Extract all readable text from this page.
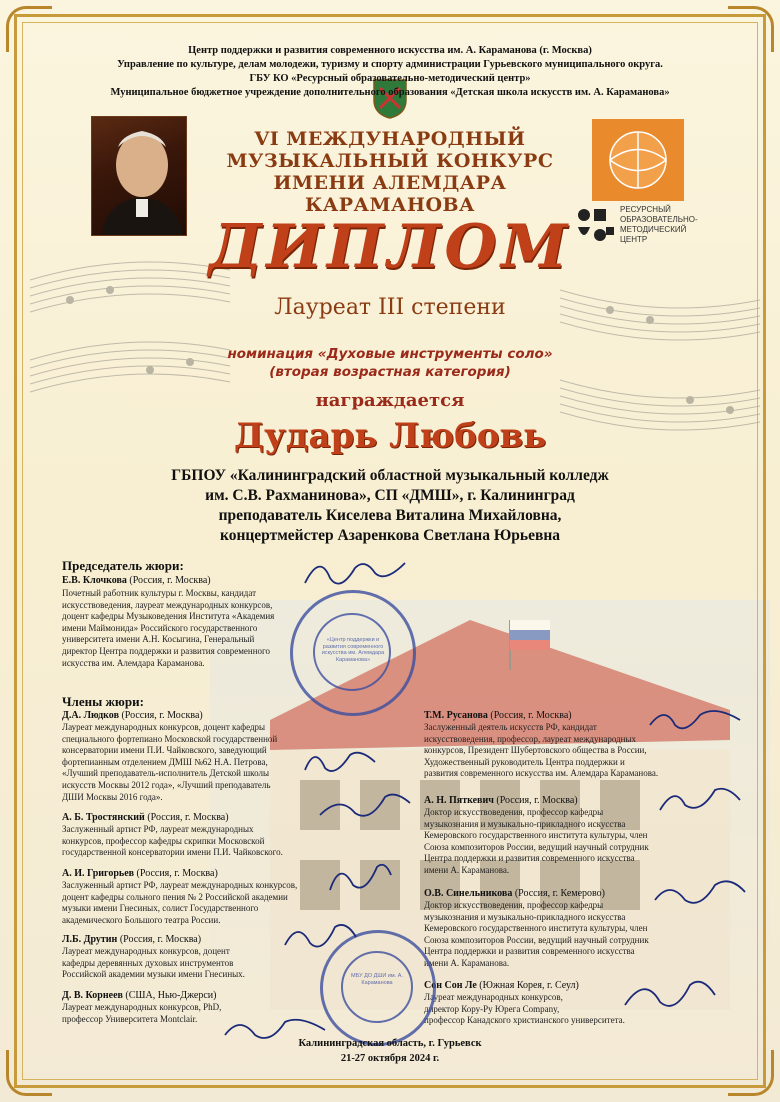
Центр поддержки и развития современного искусства им. А. Караманова (г. Москва)
Управление по культуре, делам молодежи, туризму и спорту администрации Гурьевского муниципального округа.
ГБУ КО «Ресурсный образовательно-методический центр»
Муниципальное бюджетное учреждение дополнительного образования «Детская школа искусств им. А. Караманова»
РЕСУРСНЫЙ
ОБРАЗОВАТЕЛЬНО-
МЕТОДИЧЕСКИЙ
ЦЕНТР
VI МЕЖДУНАРОДНЫЙ
МУЗЫКАЛЬНЫЙ КОНКУРС
ИМЕНИ АЛЕМДАРА КАРАМАНОВА
ДИПЛОМ
Лауреат III степени
номинация «Духовые инструменты соло»
(вторая возрастная категория)
награждается
Дударь Любовь
ГБПОУ «Калининградский областной музыкальный колледж
им. С.В. Рахманинова», СП «ДМШ», г. Калининград
преподаватель Киселева Виталина Михайловна,
концертмейстер Азаренкова Светлана Юрьевна
Председатель жюри:
Е.В. Клочкова (Россия, г. Москва)
Почетный работник культуры г. Москвы, кандидат
искусствоведения, лауреат международных конкурсов,
доцент кафедры Музыковедения Института «Академия
имени Маймонида» Российского государственного
университета имени А.Н. Косыгина, Генеральный
директор Центра поддержки и развития современного
искусства им. Алемдара Караманова.
Члены жюри:
Д.А. Людков (Россия, г. Москва)
Лауреат международных конкурсов, доцент кафедры
специального фортепиано Московской государственной
консерватории имени П.И. Чайковского, заведующий
фортепианным отделением ДМШ №62 Н.А. Петрова,
«Лучший преподаватель-исполнитель Детской школы
искусств Москвы 2012 года», «Лучший преподаватель
ДШИ Москвы 2016 года».
А. Б. Тростянский (Россия, г. Москва)
Заслуженный артист РФ, лауреат международных
конкурсов, профессор кафедры скрипки Московской
государственной консерватории имени П.И. Чайковского.
А. И. Григорьев (Россия, г. Москва)
Заслуженный артист РФ, лауреат международных конкурсов,
доцент кафедры сольного пения № 2 Российской академии
музыки имени Гнесиных, солист Государственного
академического Большого театра России.
Л.Б. Друтин (Россия, г. Москва)
Лауреат международных конкурсов, доцент
кафедры деревянных духовых инструментов
Российской академии музыки имени Гнесиных.
Д. В. Корнеев (США, Нью-Джерси)
Лауреат международных конкурсов, PhD,
профессор Университета Montclair.
Т.М. Русанова (Россия, г. Москва)
Заслуженный деятель искусств РФ, кандидат
искусствоведения, профессор, лауреат международных
конкурсов, Президент Шубертовского общества в России,
Художественный руководитель Центра поддержки и
развития современного искусства им. Алемдара Караманова.
А. Н. Пяткевич (Россия, г. Москва)
Доктор искусствоведения, профессор кафедры
музыкознания и музыкально-прикладного искусства
Кемеровского государственного института культуры, член
Союза композиторов России, ведущий научный сотрудник
Центра поддержки и развития современного искусства
имени А. Караманова.
О.В. Синельникова (Россия, г. Кемерово)
Доктор искусствоведения, профессор кафедры
музыкознания и музыкально-прикладного искусства
Кемеровского государственного института культуры, член
Союза композиторов России, ведущий научный сотрудник
Центра поддержки и развития современного искусства
имени А. Караманова.
Сон Сон Ле (Южная Корея, г. Сеул)
Лауреат международных конкурсов,
директор Кору-Ру Юрега Company,
профессор Канадского христианского университета.
«Центр поддержки и развития современного искусства им. Алемдара Караманова»
МБУ ДО ДШИ им. А. Караманова
Калининградская область, г. Гурьевск
21-27 октября 2024 г.
